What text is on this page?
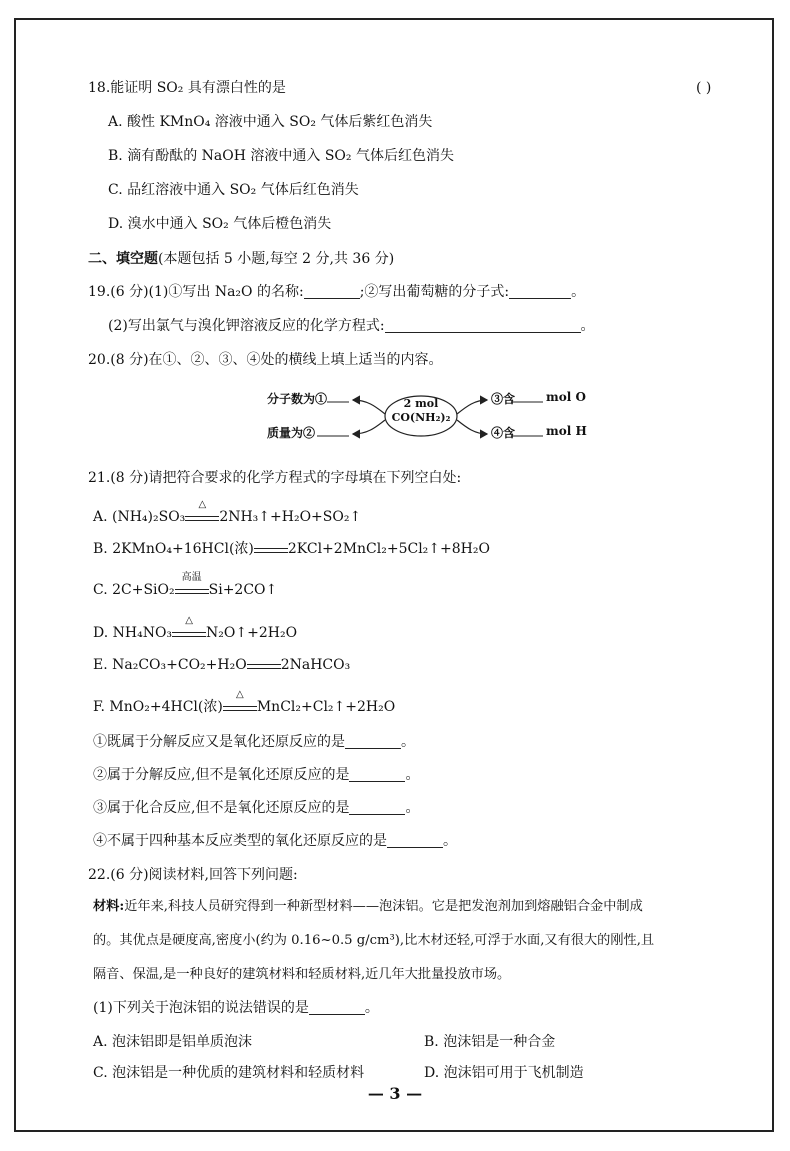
18.能证明 SO₂ 具有漂白性的是	( )
A. 酸性 KMnO₄ 溶液中通入 SO₂ 气体后紫红色消失
B. 滴有酚酞的 NaOH 溶液中通入 SO₂ 气体后红色消失
C. 品红溶液中通入 SO₂ 气体后红色消失
D. 溴水中通入 SO₂ 气体后橙色消失
二、填空题(本题包括 5 小题,每空 2 分,共 36 分)
19.(6 分)(1)①写出 Na₂O 的名称:	;②写出葡萄糖的分子式:	。
(2)写出氯气与溴化钾溶液反应的化学方程式:	。
20.(8 分)在①、②、③、④处的横线上填上适当的内容。
分子数为①
质量为②
2 mol
CO(NH₂)₂
③含	mol O
④含	mol H
21.(8 分)请把符合要求的化学方程式的字母填在下列空白处:
A. (NH₄)₂SO₃
△
2NH₃↑+H₂O+SO₂↑
B. 2KMnO₄+16HCl(浓) 2KCl+2MnCl₂+5Cl₂↑+8H₂O
C. 2C+SiO₂
高温
Si+2CO↑
D. NH₄NO₃
△
N₂O↑+2H₂O
E. Na₂CO₃+CO₂+H₂O 2NaHCO₃
F. MnO₂+4HCl(浓)
△
MnCl₂+Cl₂↑+2H₂O
①既属于分解反应又是氧化还原反应的是	。
②属于分解反应,但不是氧化还原反应的是	。
③属于化合反应,但不是氧化还原反应的是	。
④不属于四种基本反应类型的氧化还原反应的是	。
22.(6 分)阅读材料,回答下列问题:
材料:近年来,科技人员研究得到一种新型材料——泡沫铝。它是把发泡剂加到熔融铝合金中制成
的。其优点是硬度高,密度小(约为 0.16~0.5 g/cm³),比木材还轻,可浮于水面,又有很大的刚性,且
隔音、保温,是一种良好的建筑材料和轻质材料,近几年大批量投放市场。
(1)下列关于泡沫铝的说法错误的是	。
A. 泡沫铝即是铝单质泡沫	B. 泡沫铝是一种合金
C. 泡沫铝是一种优质的建筑材料和轻质材料	D. 泡沫铝可用于飞机制造
— 3 —
